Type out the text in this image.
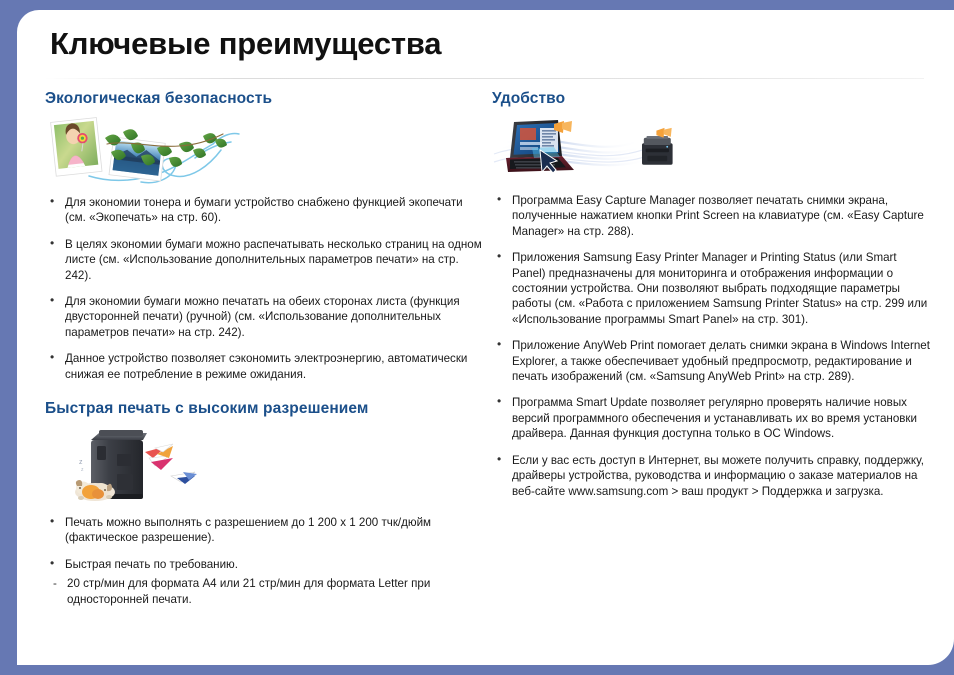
Ключевые преимущества
Экологическая безопасность
• Для экономии тонера и бумаги устройство снабжено функцией экопечати (см. «Экопечать» на стр. 60).
• В целях экономии бумаги можно распечатывать несколько страниц на одном листе (см. «Использование дополнительных параметров печати» на стр. 242).
• Для экономии бумаги можно печатать на обеих сторонах листа (функция двусторонней печати) (ручной) (см. «Использование дополнительных параметров печати» на стр. 242).
• Данное устройство позволяет сэкономить электроэнергию, автоматически снижая ее потребление в режиме ожидания.
Быстрая печать с высоким разрешением
z
z
• Печать можно выполнять с разрешением до 1 200 x 1 200 тчк/дюйм (фактическое разрешение).
• Быстрая печать по требованию.
- 20 стр/мин для формата A4 или 21 стр/мин для формата Letter при односторонней печати.
Удобство
• Программа Easy Capture Manager позволяет печатать снимки экрана, полученные нажатием кнопки Print Screen на клавиатуре (см. «Easy Capture Manager» на стр. 288).
• Приложения Samsung Easy Printer Manager и Printing Status (или Smart Panel) предназначены для мониторинга и отображения информации о состоянии устройства. Они позволяют выбрать подходящие параметры работы (см. «Работа с приложением Samsung Printer Status» на стр. 299 или «Использование программы Smart Panel» на стр. 301).
• Приложение AnyWeb Print помогает делать снимки экрана в Windows Internet Explorer, а также обеспечивает удобный предпросмотр, редактирование и печать изображений (см. «Samsung AnyWeb Print» на стр. 289).
• Программа Smart Update позволяет регулярно проверять наличие новых версий программного обеспечения и устанавливать их во время установки драйвера. Данная функция доступна только в ОС Windows.
• Если у вас есть доступ в Интернет, вы можете получить справку, поддержку, драйверы устройства, руководства и информацию о заказе материалов на веб-сайте www.samsung.com > ваш продукт > Поддержка и загрузка.
